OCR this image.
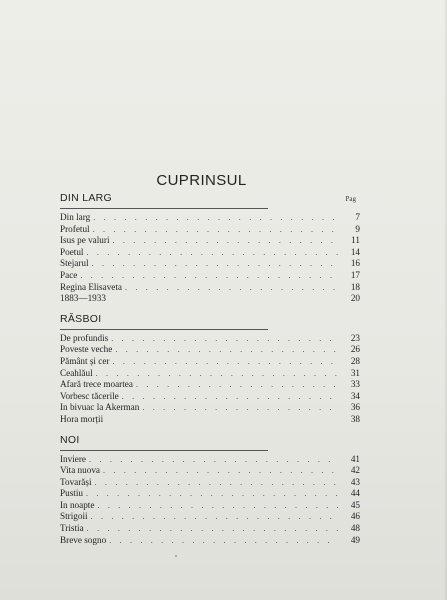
CUPRINSUL
DIN LARG	Pag
Din larg . . .	7
Profetul . . .	9
Isus pe valuri . . .	11
Poetul . . .	14
Stejarul . . .	16
Pace . . .	17
Regina Elisaveta . . .	18
1883—1933	20
RĂSBOI
De profundis . . .	23
Poveste veche . . .	26
Pământ și cer . . .	28
Ceahlăul . . .	31
Afară trece moartea . . .	33
Vorbesc tăcerile . . .	34
In bivuac la Akerman . . .	36
Hora morții	38
NOI
Inviere . . .	41
Vita nuova . . .	42
Tovarăși . . .	43
Pustiu . . .	44
In noapte . . .	45
Strigoii . . .	46
Tristia . . .	48
Breve sogno . . .	49
